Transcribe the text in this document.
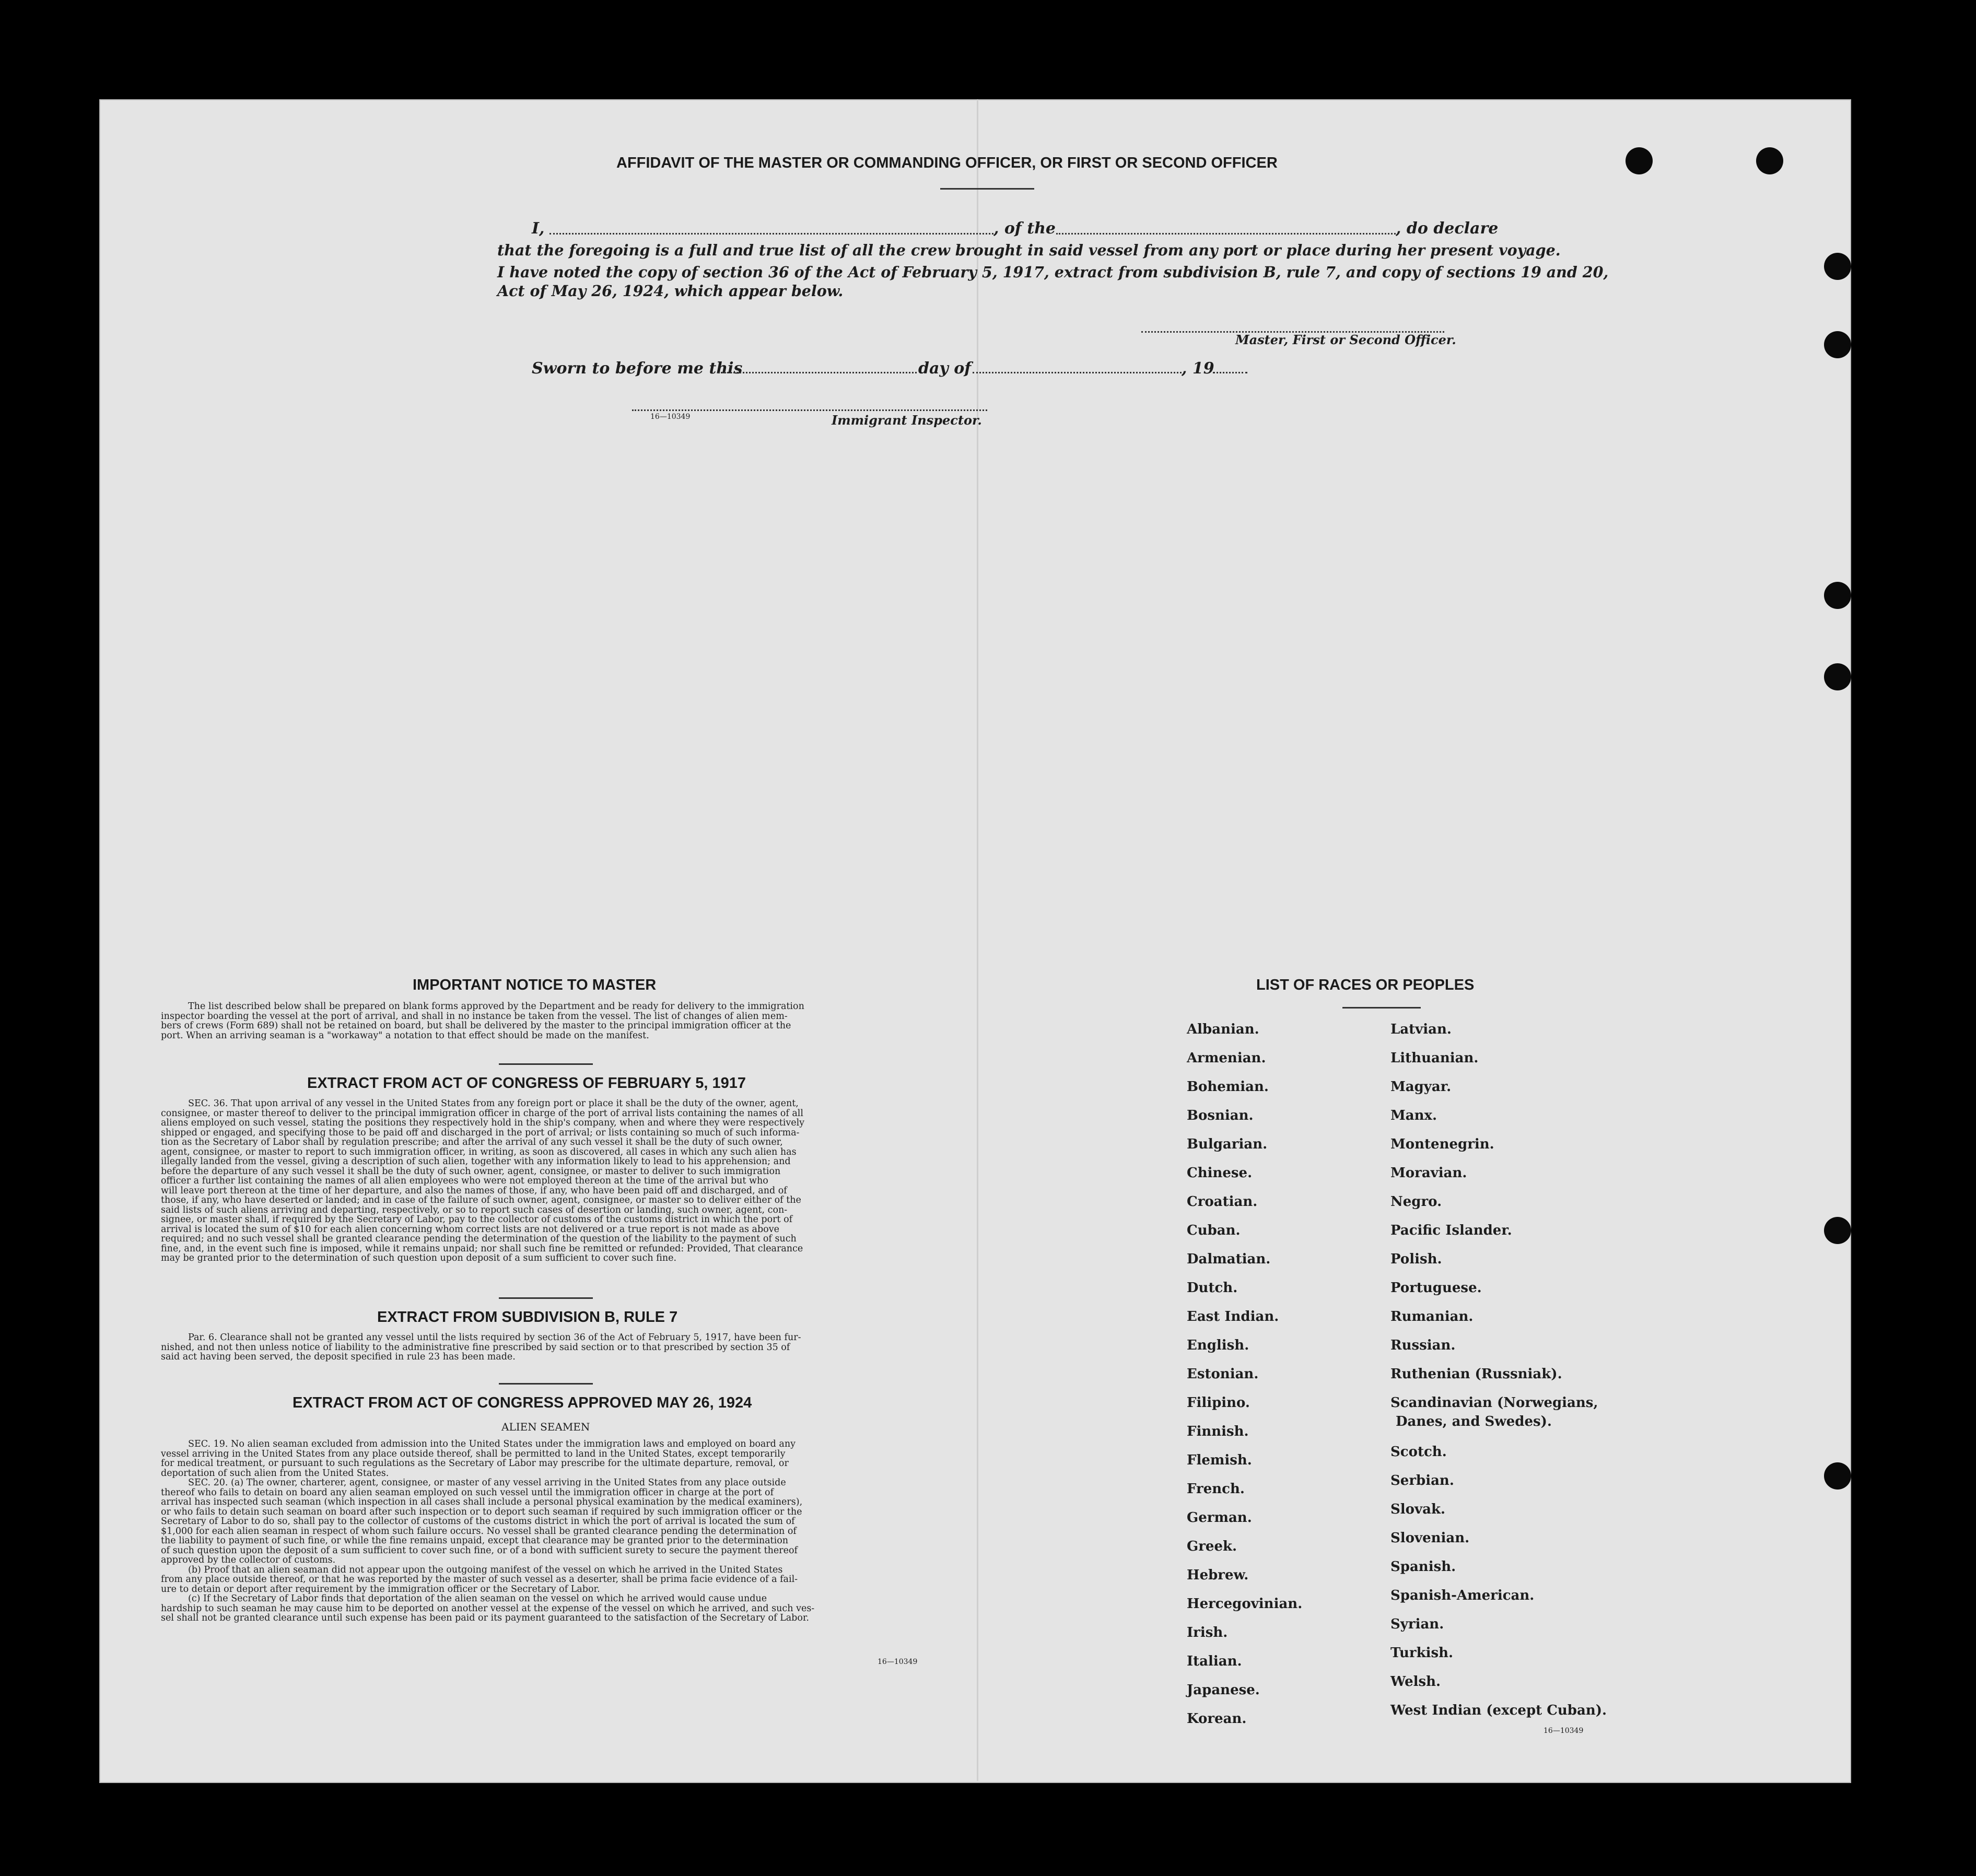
AFFIDAVIT OF THE MASTER OR COMMANDING OFFICER, OR FIRST OR SECOND OFFICER
I,	, of the	, do declare
that the foregoing is a full and true list of all the crew brought in said vessel from any port or place during her present voyage.
I have noted the copy of section 36 of the Act of February 5, 1917, extract from subdivision B, rule 7, and copy of sections 19 and 20,
Act of May 26, 1924, which appear below.
Master, First or Second Officer.
Sworn to before me this	day of	, 19
16—10349	Immigrant Inspector.
IMPORTANT NOTICE TO MASTER
The list described below shall be prepared on blank forms approved by the Department and be ready for delivery to the immigration
inspector boarding the vessel at the port of arrival, and shall in no instance be taken from the vessel. The list of changes of alien mem-
bers of crews (Form 689) shall not be retained on board, but shall be delivered by the master to the principal immigration officer at the
port. When an arriving seaman is a "workaway" a notation to that effect should be made on the manifest.
EXTRACT FROM ACT OF CONGRESS OF FEBRUARY 5, 1917
SEC. 36. That upon arrival of any vessel in the United States from any foreign port or place it shall be the duty of the owner, agent,
consignee, or master thereof to deliver to the principal immigration officer in charge of the port of arrival lists containing the names of all
aliens employed on such vessel, stating the positions they respectively hold in the ship's company, when and where they were respectively
shipped or engaged, and specifying those to be paid off and discharged in the port of arrival; or lists containing so much of such informa-
tion as the Secretary of Labor shall by regulation prescribe; and after the arrival of any such vessel it shall be the duty of such owner,
agent, consignee, or master to report to such immigration officer, in writing, as soon as discovered, all cases in which any such alien has
illegally landed from the vessel, giving a description of such alien, together with any information likely to lead to his apprehension; and
before the departure of any such vessel it shall be the duty of such owner, agent, consignee, or master to deliver to such immigration
officer a further list containing the names of all alien employees who were not employed thereon at the time of the arrival but who
will leave port thereon at the time of her departure, and also the names of those, if any, who have been paid off and discharged, and of
those, if any, who have deserted or landed; and in case of the failure of such owner, agent, consignee, or master so to deliver either of the
said lists of such aliens arriving and departing, respectively, or so to report such cases of desertion or landing, such owner, agent, con-
signee, or master shall, if required by the Secretary of Labor, pay to the collector of customs of the customs district in which the port of
arrival is located the sum of $10 for each alien concerning whom correct lists are not delivered or a true report is not made as above
required; and no such vessel shall be granted clearance pending the determination of the question of the liability to the payment of such
fine, and, in the event such fine is imposed, while it remains unpaid; nor shall such fine be remitted or refunded: Provided, That clearance
may be granted prior to the determination of such question upon deposit of a sum sufficient to cover such fine.
EXTRACT FROM SUBDIVISION B, RULE 7
Par. 6. Clearance shall not be granted any vessel until the lists required by section 36 of the Act of February 5, 1917, have been fur-
nished, and not then unless notice of liability to the administrative fine prescribed by said section or to that prescribed by section 35 of
said act having been served, the deposit specified in rule 23 has been made.
EXTRACT FROM ACT OF CONGRESS APPROVED MAY 26, 1924
ALIEN SEAMEN
SEC. 19. No alien seaman excluded from admission into the United States under the immigration laws and employed on board any
vessel arriving in the United States from any place outside thereof, shall be permitted to land in the United States, except temporarily
for medical treatment, or pursuant to such regulations as the Secretary of Labor may prescribe for the ultimate departure, removal, or
deportation of such alien from the United States.
SEC. 20. (a) The owner, charterer, agent, consignee, or master of any vessel arriving in the United States from any place outside
thereof who fails to detain on board any alien seaman employed on such vessel until the immigration officer in charge at the port of
arrival has inspected such seaman (which inspection in all cases shall include a personal physical examination by the medical examiners),
or who fails to detain such seaman on board after such inspection or to deport such seaman if required by such immigration officer or the
Secretary of Labor to do so, shall pay to the collector of customs of the customs district in which the port of arrival is located the sum of
$1,000 for each alien seaman in respect of whom such failure occurs. No vessel shall be granted clearance pending the determination of
the liability to payment of such fine, or while the fine remains unpaid, except that clearance may be granted prior to the determination
of such question upon the deposit of a sum sufficient to cover such fine, or of a bond with sufficient surety to secure the payment thereof
approved by the collector of customs.
(b) Proof that an alien seaman did not appear upon the outgoing manifest of the vessel on which he arrived in the United States
from any place outside thereof, or that he was reported by the master of such vessel as a deserter, shall be prima facie evidence of a fail-
ure to detain or deport after requirement by the immigration officer or the Secretary of Labor.
(c) If the Secretary of Labor finds that deportation of the alien seaman on the vessel on which he arrived would cause undue
hardship to such seaman he may cause him to be deported on another vessel at the expense of the vessel on which he arrived, and such ves-
sel shall not be granted clearance until such expense has been paid or its payment guaranteed to the satisfaction of the Secretary of Labor.
16—10349
LIST OF RACES OR PEOPLES
Albanian.
Armenian.
Bohemian.
Bosnian.
Bulgarian.
Chinese.
Croatian.
Cuban.
Dalmatian.
Dutch.
East Indian.
English.
Estonian.
Filipino.
Finnish.
Flemish.
French.
German.
Greek.
Hebrew.
Hercegovinian.
Irish.
Italian.
Japanese.
Korean.
Latvian.
Lithuanian.
Magyar.
Manx.
Montenegrin.
Moravian.
Negro.
Pacific Islander.
Polish.
Portuguese.
Rumanian.
Russian.
Ruthenian (Russniak).
Scandinavian (Norwegians,
Danes, and Swedes).
Scotch.
Serbian.
Slovak.
Slovenian.
Spanish.
Spanish-American.
Syrian.
Turkish.
Welsh.
West Indian (except Cuban).
16—10349
